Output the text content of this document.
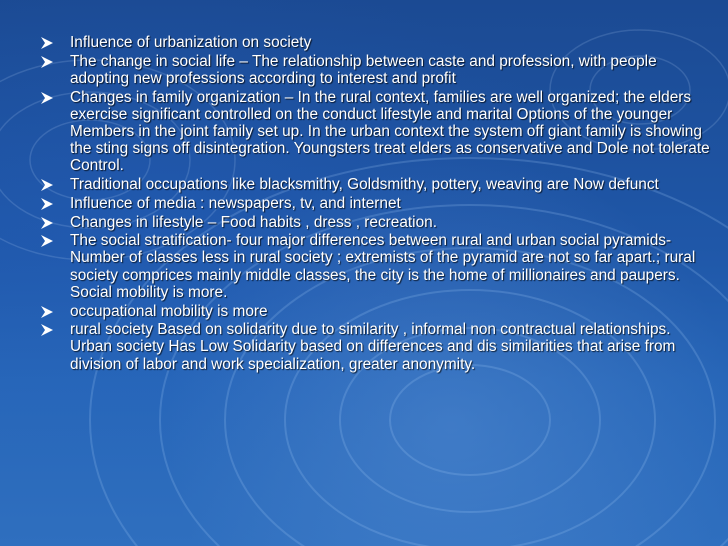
Influence of urbanization on society
The change in social life – The relationship between caste and profession, with people adopting new professions according to interest and profit
Changes in family organization – In the rural context, families are well organized; the elders exercise significant controlled on the conduct lifestyle and marital Options of the younger Members in the joint family set up. In the urban context the system off giant family is showing the sting signs off disintegration. Youngsters treat elders as conservative and Dole not tolerate Control.
Traditional occupations like blacksmithy, Goldsmithy, pottery, weaving are Now defunct
Influence of media : newspapers, tv, and internet
Changes in lifestyle – Food habits , dress , recreation.
The social stratification- four major differences between rural and urban social pyramids-Number of classes less in rural society ; extremists of the pyramid are not so far apart.; rural society comprices mainly middle classes, the city is the home of millionaires and paupers. Social mobility is more.
occupational mobility is more
rural society Based on solidarity due to similarity , informal non contractual relationships. Urban society Has Low Solidarity based on differences and dis similarities that arise from division of labor and work specialization, greater anonymity.
